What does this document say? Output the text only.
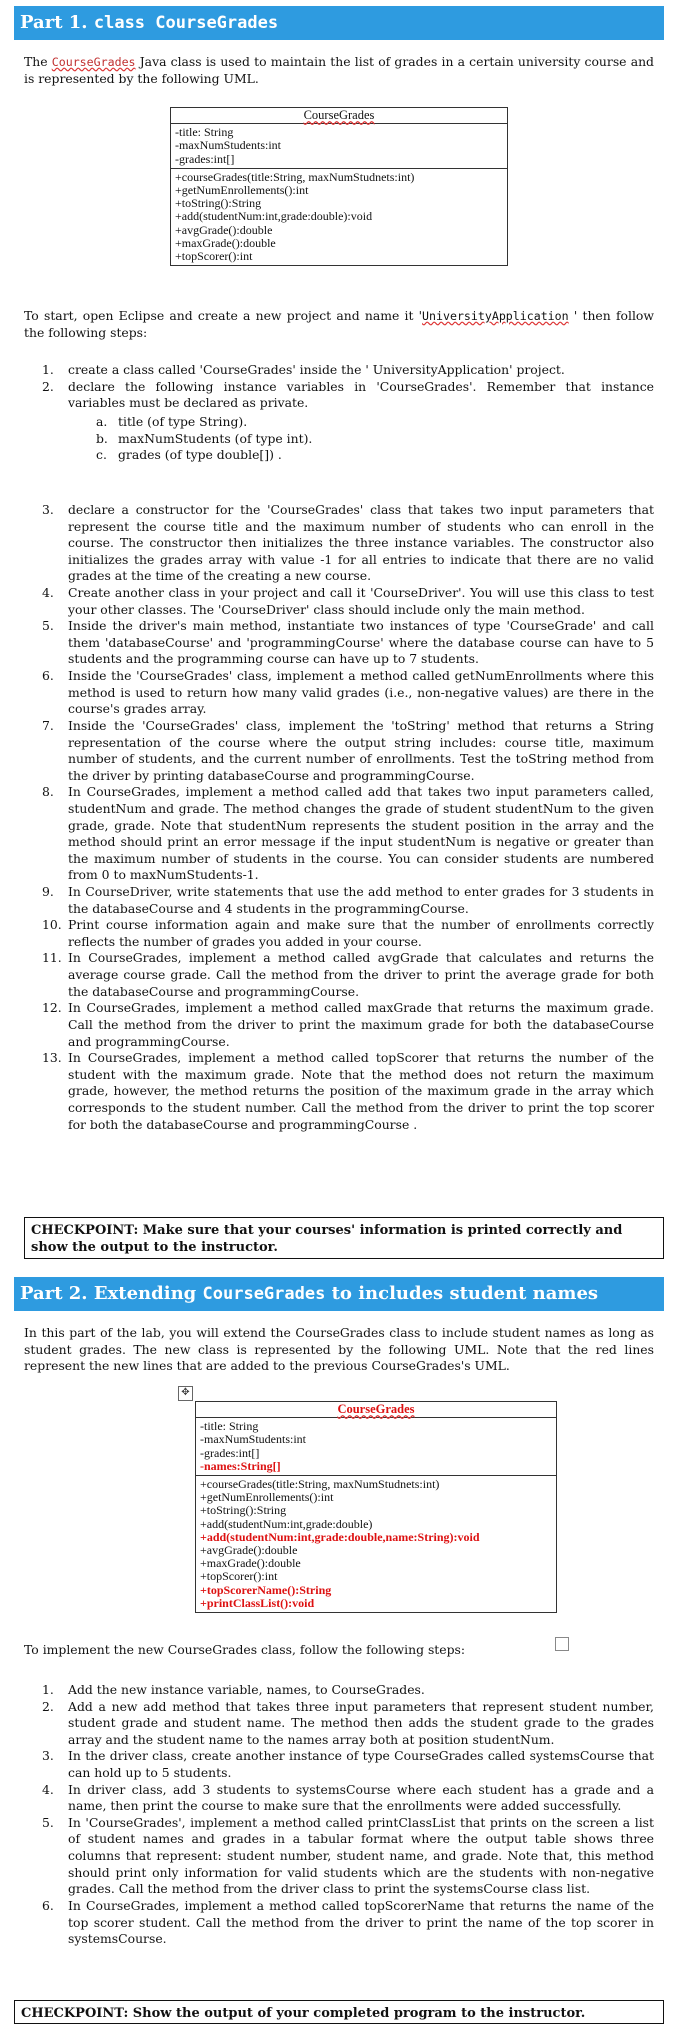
Part 1. class CourseGrades
The CourseGrades Java class is used to maintain the list of grades in a certain university course and is represented by the following UML.
CourseGrades
-title: String
-maxNumStudents:int
-grades:int[]
+courseGrades(title:String, maxNumStudnets:int)
+getNumEnrollements():int
+toString():String
+add(studentNum:int,grade:double):void
+avgGrade():double
+maxGrade():double
+topScorer():int
To start, open Eclipse and create a new project and name it 'UniversityApplication ' then follow the following steps:
1.	create a class called 'CourseGrades' inside the ' UniversityApplication' project.
2.	declare the following instance variables in 'CourseGrades'. Remember that instance variables must be declared as private.
a. title (of type String).
b. maxNumStudents (of type int).
c. grades (of type double[]) .
3.	declare a constructor for the 'CourseGrades' class that takes two input parameters that represent the course title and the maximum number of students who can enroll in the course. The constructor then initializes the three instance variables. The constructor also initializes the grades array with value -1 for all entries to indicate that there are no valid grades at the time of the creating a new course.
4.	Create another class in your project and call it 'CourseDriver'. You will use this class to test your other classes. The 'CourseDriver' class should include only the main method.
5.	Inside the driver's main method, instantiate two instances of type 'CourseGrade' and call them 'databaseCourse' and 'programmingCourse' where the database course can have to 5 students and the programming course can have up to 7 students.
6.	Inside the 'CourseGrades' class, implement a method called getNumEnrollments where this method is used to return how many valid grades (i.e., non-negative values) are there in the course's grades array.
7.	Inside the 'CourseGrades' class, implement the 'toString' method that returns a String representation of the course where the output string includes: course title, maximum number of students, and the current number of enrollments. Test the toString method from the driver by printing databaseCourse and programmingCourse.
8.	In CourseGrades, implement a method called add that takes two input parameters called, studentNum and grade. The method changes the grade of student studentNum to the given grade, grade. Note that studentNum represents the student position in the array and the method should print an error message if the input studentNum is negative or greater than the maximum number of students in the course. You can consider students are numbered from 0 to maxNumStudents-1.
9.	In CourseDriver, write statements that use the add method to enter grades for 3 students in the databaseCourse and 4 students in the programmingCourse.
10. Print course information again and make sure that the number of enrollments correctly reflects the number of grades you added in your course.
11. In CourseGrades, implement a method called avgGrade that calculates and returns the average course grade. Call the method from the driver to print the average grade for both the databaseCourse and programmingCourse.
12. In CourseGrades, implement a method called maxGrade that returns the maximum grade. Call the method from the driver to print the maximum grade for both the databaseCourse and programmingCourse.
13. In CourseGrades, implement a method called topScorer that returns the number of the student with the maximum grade. Note that the method does not return the maximum grade, however, the method returns the position of the maximum grade in the array which corresponds to the student number. Call the method from the driver to print the top scorer for both the databaseCourse and programmingCourse .
CHECKPOINT: Make sure that your courses' information is printed correctly and show the output to the instructor.
Part 2. Extending CourseGrades to includes student names
In this part of the lab, you will extend the CourseGrades class to include student names as long as student grades. The new class is represented by the following UML. Note that the red lines represent the new lines that are added to the previous CourseGrades's UML.
✥
CourseGrades
-title: String
-maxNumStudents:int
-grades:int[]
-names:String[]
+courseGrades(title:String, maxNumStudnets:int)
+getNumEnrollements():int
+toString():String
+add(studentNum:int,grade:double)
+add(studentNum:int,grade:double,name:String):void
+avgGrade():double
+maxGrade():double
+topScorer():int
+topScorerName():String
+printClassList():void
To implement the new CourseGrades class, follow the following steps:
1.	Add the new instance variable, names, to CourseGrades.
2.	Add a new add method that takes three input parameters that represent student number, student grade and student name. The method then adds the student grade to the grades array and the student name to the names array both at position studentNum.
3.	In the driver class, create another instance of type CourseGrades called systemsCourse that can hold up to 5 students.
4.	In driver class, add 3 students to systemsCourse where each student has a grade and a name, then print the course to make sure that the enrollments were added successfully.
5.	In 'CourseGrades', implement a method called printClassList that prints on the screen a list of student names and grades in a tabular format where the output table shows three columns that represent: student number, student name, and grade. Note that, this method should print only information for valid students which are the students with non-negative grades. Call the method from the driver class to print the systemsCourse class list.
6.	In CourseGrades, implement a method called topScorerName that returns the name of the top scorer student. Call the method from the driver to print the name of the top scorer in systemsCourse.
CHECKPOINT: Show the output of your completed program to the instructor.
